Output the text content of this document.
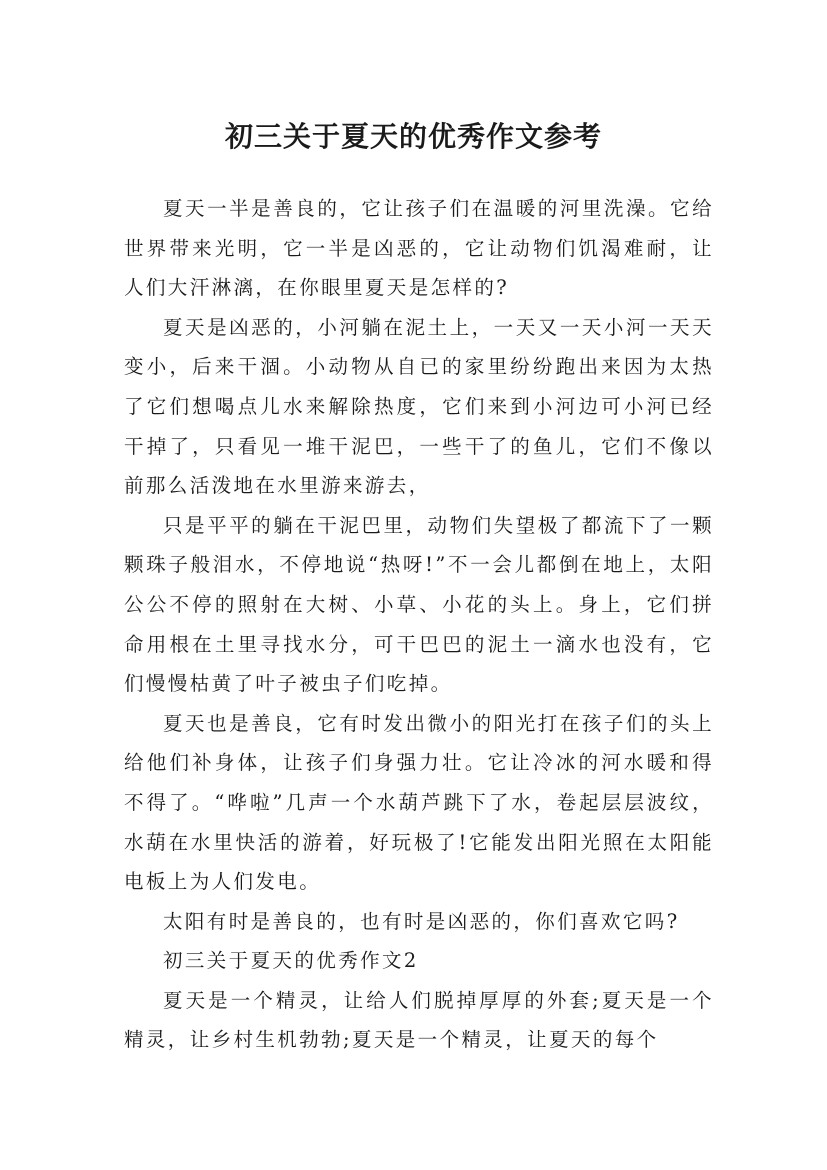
初三关于夏天的优秀作文参考

夏天一半是善良的，它让孩子们在温暖的河里洗澡。它给世界带来光明，它一半是凶恶的，它让动物们饥渴难耐，让人们大汗淋漓，在你眼里夏天是怎样的?

夏天是凶恶的，小河躺在泥土上，一天又一天小河一天天变小，后来干涸。小动物从自已的家里纷纷跑出来因为太热了它们想喝点儿水来解除热度，它们来到小河边可小河已经干掉了，只看见一堆干泥巴，一些干了的鱼儿，它们不像以前那么活泼地在水里游来游去，

只是平平的躺在干泥巴里，动物们失望极了都流下了一颗颗珠子般泪水，不停地说“热呀!”不一会儿都倒在地上，太阳公公不停的照射在大树、小草、小花的头上。身上，它们拼命用根在土里寻找水分，可干巴巴的泥土一滴水也没有，它们慢慢枯黄了叶子被虫子们吃掉。

夏天也是善良，它有时发出微小的阳光打在孩子们的头上给他们补身体，让孩子们身强力壮。它让冷冰的河水暖和得不得了。“哗啦”几声一个水葫芦跳下了水，卷起层层波纹，水葫在水里快活的游着，好玩极了!它能发出阳光照在太阳能电板上为人们发电。

太阳有时是善良的，也有时是凶恶的，你们喜欢它吗?

初三关于夏天的优秀作文2

夏天是一个精灵，让给人们脱掉厚厚的外套;夏天是一个精灵，让乡村生机勃勃;夏天是一个精灵，让夏天的每个
